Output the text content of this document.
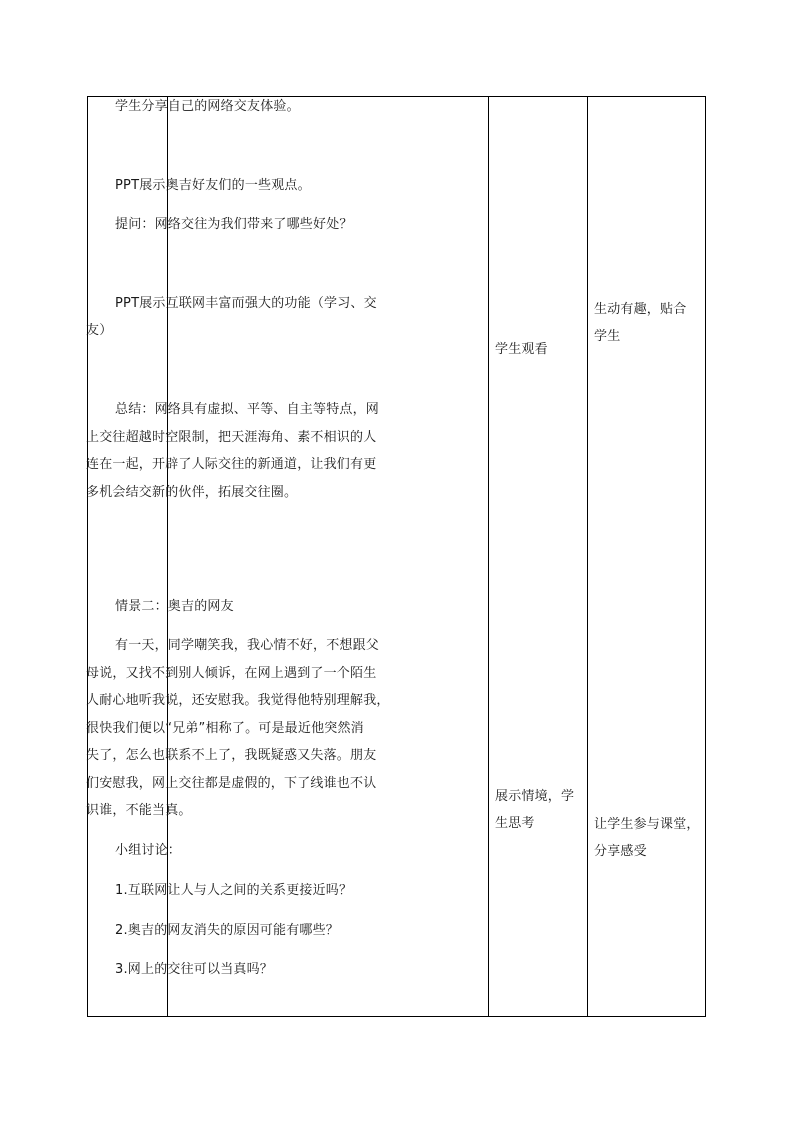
学生分享自己的网络交友体验。

PPT展示奥吉好友们的一些观点。

提问：网络交往为我们带来了哪些好处？

PPT展示互联网丰富而强大的功能（学习、交

友）

总结：网络具有虚拟、平等、自主等特点，网

上交往超越时空限制，把天涯海角、素不相识的人

连在一起，开辟了人际交往的新通道，让我们有更

多机会结交新的伙伴，拓展交往圈。

情景二：奥吉的网友

有一天，同学嘲笑我，我心情不好，不想跟父

母说，又找不到别人倾诉，在网上遇到了一个陌生

人耐心地听我说，还安慰我。我觉得他特别理解我，

很快我们便以“兄弟”相称了。可是最近他突然消

失了，怎么也联系不上了，我既疑惑又失落。朋友

们安慰我，网上交往都是虚假的，下了线谁也不认

识谁，不能当真。

小组讨论：

1.互联网让人与人之间的关系更接近吗？

2.奥吉的网友消失的原因可能有哪些？

3.网上的交往可以当真吗？

学生观看

展示情境，学

生思考

生动有趣，贴合

学生

让学生参与课堂，

分享感受
